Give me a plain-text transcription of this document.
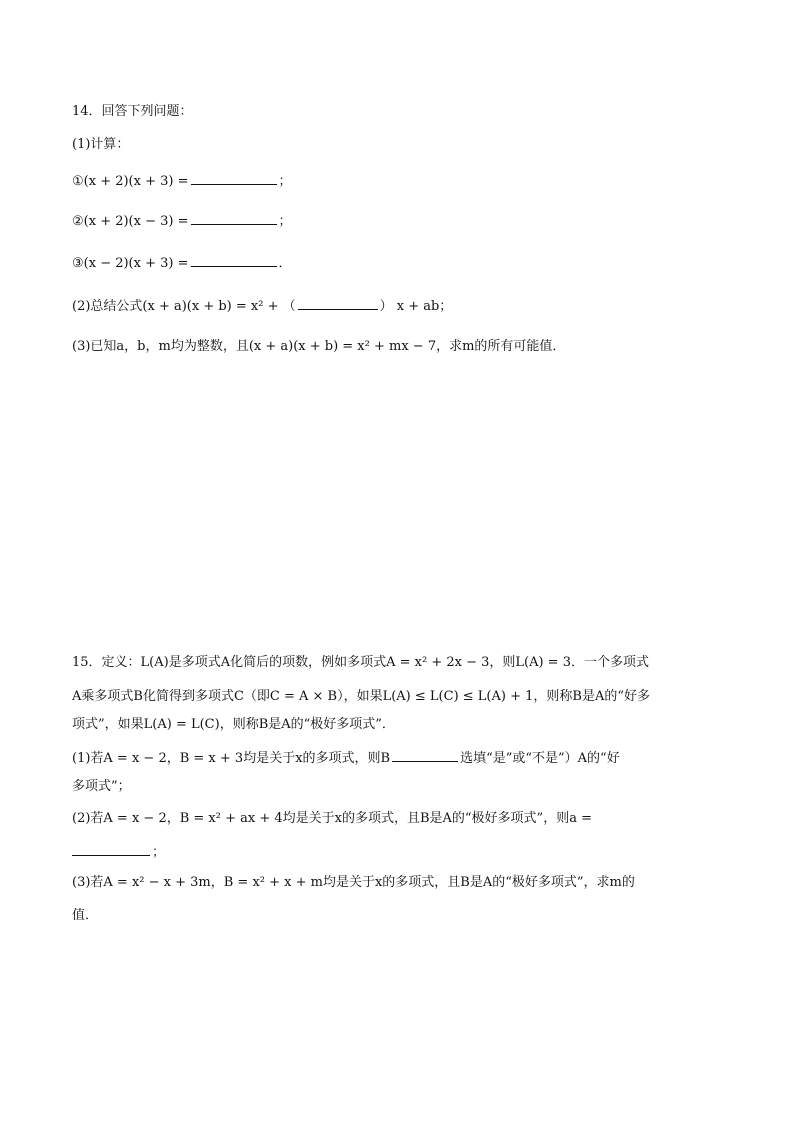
14．回答下列问题：
(1)计算：
①(x + 2)(x + 3) =	；
②(x + 2)(x − 3) =	；
③(x − 2)(x + 3) =	．
(2)总结公式(x + a)(x + b) = x² + （	） x + ab；
(3)已知a，b，m均为整数，且(x + a)(x + b) = x² + mx − 7，求m的所有可能值．
15．定义：L(A)是多项式A化简后的项数，例如多项式A = x² + 2x − 3，则L(A) = 3．一个多项式
A乘多项式B化简得到多项式C（即C = A × B），如果L(A) ≤ L(C) ≤ L(A) + 1，则称B是A的“好多
项式”，如果L(A) = L(C)，则称B是A的“极好多项式”．
(1)若A = x − 2，B = x + 3均是关于x的多项式，则B	选填“是”或“不是”）A的“好
多项式”；
(2)若A = x − 2，B = x² + ax + 4均是关于x的多项式，且B是A的“极好多项式”，则a =
；
(3)若A = x² − x + 3m，B = x² + x + m均是关于x的多项式，且B是A的“极好多项式”，求m的
值．
